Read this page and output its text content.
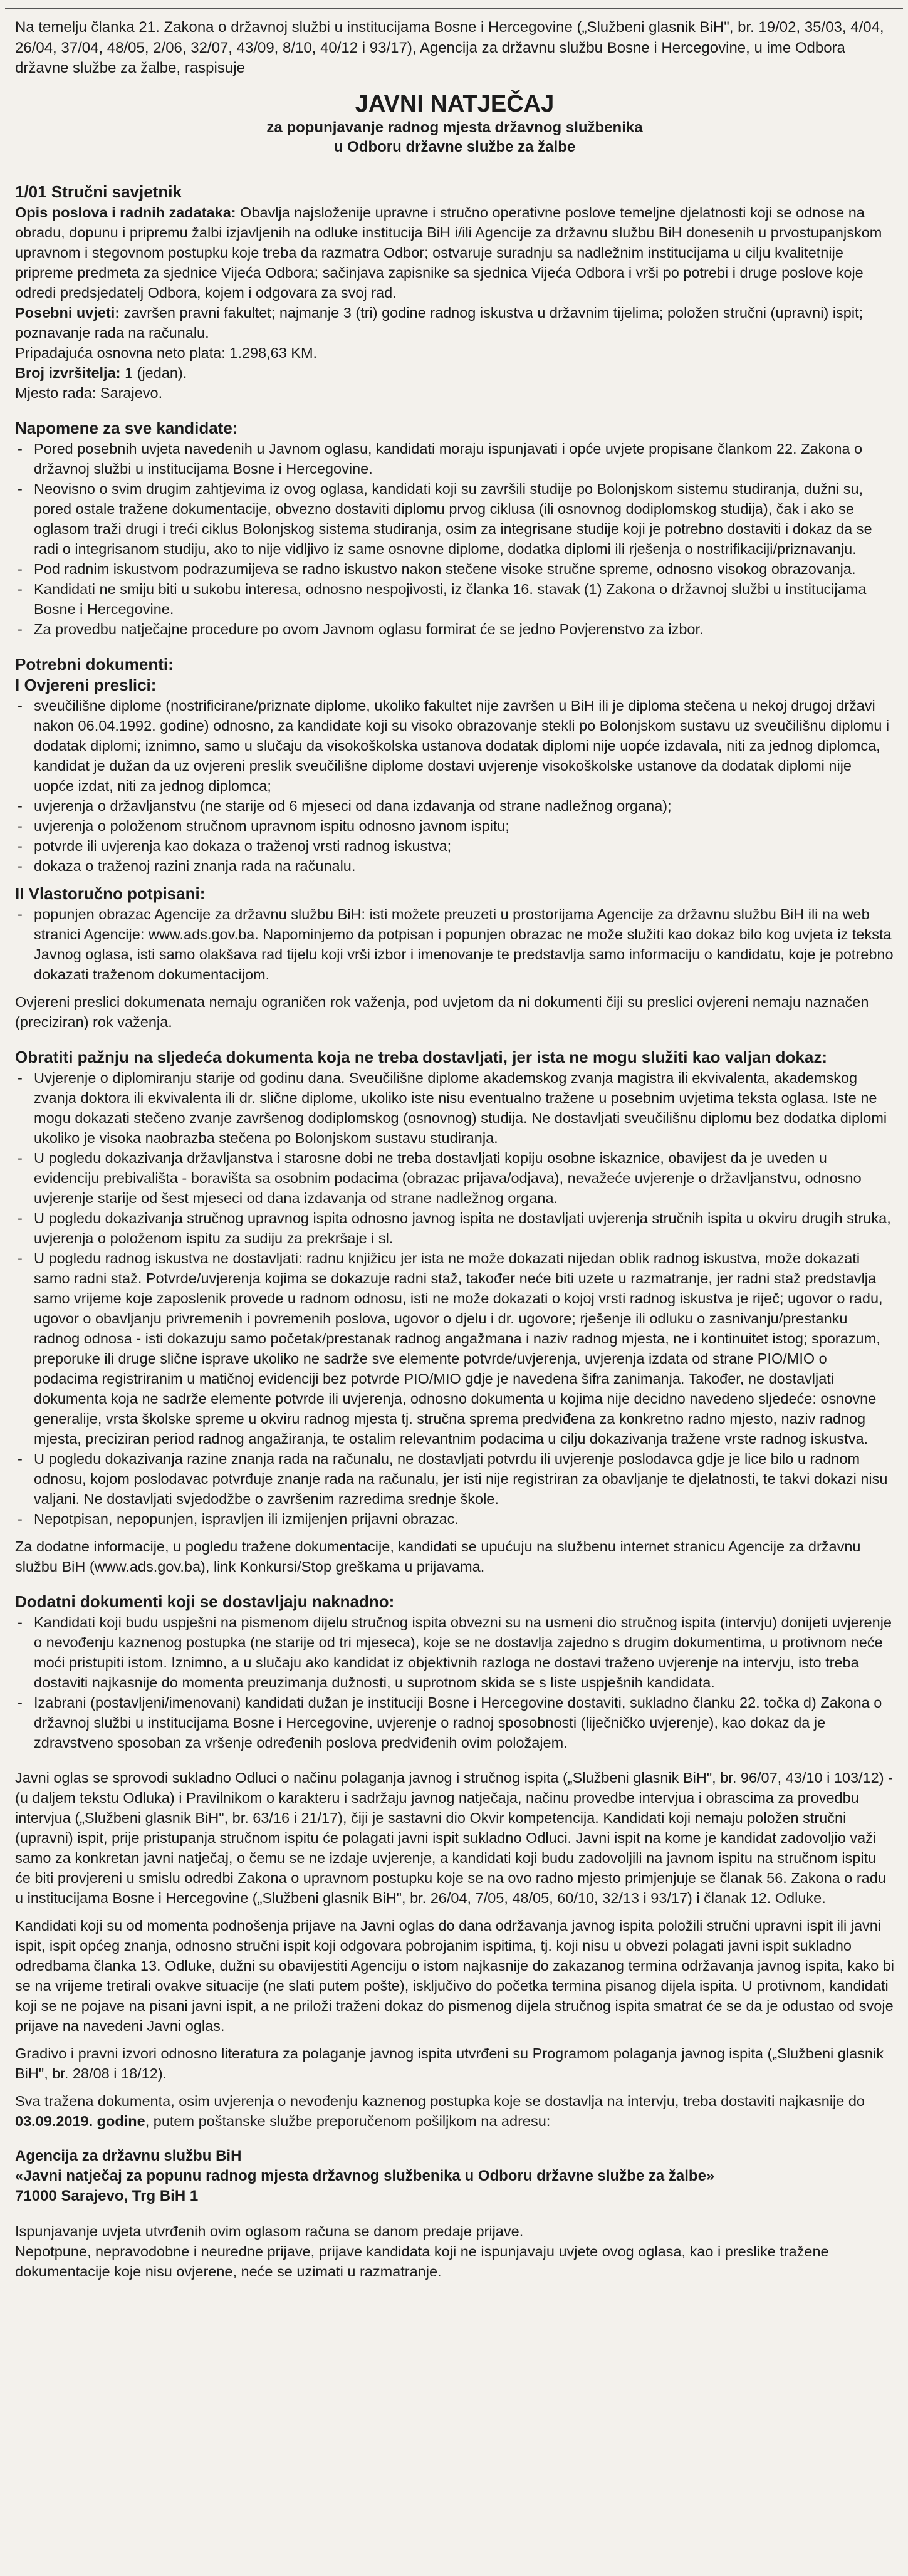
Na temelju članka 21. Zakona o državnoj službi u institucijama Bosne i Hercegovine („Službeni glasnik BiH", br. 19/02, 35/03, 4/04, 26/04, 37/04, 48/05, 2/06, 32/07, 43/09, 8/10, 40/12 i 93/17), Agencija za državnu službu Bosne i Hercegovine, u ime Odbora državne službe za žalbe, raspisuje

JAVNI NATJEČAJ

za popunjavanje radnog mjesta državnog službenika

u Odboru državne službe za žalbe

1/01 Stručni savjetnik

Opis poslova i radnih zadataka: Obavlja najsloženije upravne i stručno operativne poslove temeljne djelatnosti koji se odnose na obradu, dopunu i pripremu žalbi izjavljenih na odluke institucija BiH i/ili Agencije za državnu službu BiH donesenih u prvostupanjskom upravnom i stegovnom postupku koje treba da razmatra Odbor; ostvaruje suradnju sa nadležnim institucijama u cilju kvalitetnije pripreme predmeta za sjednice Vijeća Odbora; sačinjava zapisnike sa sjednica Vijeća Odbora i vrši po potrebi i druge poslove koje odredi predsjedatelj Odbora, kojem i odgovara za svoj rad.

Posebni uvjeti: završen pravni fakultet; najmanje 3 (tri) godine radnog iskustva u državnim tijelima; položen stručni (upravni) ispit; poznavanje rada na računalu.

Pripadajuća osnovna neto plata: 1.298,63 KM.

Broj izvršitelja: 1 (jedan).

Mjesto rada: Sarajevo.

Napomene za sve kandidate:

- Pored posebnih uvjeta navedenih u Javnom oglasu, kandidati moraju ispunjavati i opće uvjete propisane člankom 22. Zakona o državnoj službi u institucijama Bosne i Hercegovine.
- Neovisno o svim drugim zahtjevima iz ovog oglasa, kandidati koji su završili studije po Bolonjskom sistemu studiranja, dužni su, pored ostale tražene dokumentacije, obvezno dostaviti diplomu prvog ciklusa (ili osnovnog dodiplomskog studija), čak i ako se oglasom traži drugi i treći ciklus Bolonjskog sistema studiranja, osim za integrisane studije koji je potrebno dostaviti i dokaz da se radi o integrisanom studiju, ako to nije vidljivo iz same osnovne diplome, dodatka diplomi ili rješenja o nostrifikaciji/priznavanju.
- Pod radnim iskustvom podrazumijeva se radno iskustvo nakon stečene visoke stručne spreme, odnosno visokog obrazovanja.
- Kandidati ne smiju biti u sukobu interesa, odnosno nespojivosti, iz članka 16. stavak (1) Zakona o državnoj službi u institucijama Bosne i Hercegovine.
- Za provedbu natječajne procedure po ovom Javnom oglasu formirat će se jedno Povjerenstvo za izbor.

Potrebni dokumenti:

I Ovjereni preslici:

- sveučilišne diplome (nostrificirane/priznate diplome, ukoliko fakultet nije završen u BiH ili je diploma stečena u nekoj drugoj državi nakon 06.04.1992. godine) odnosno, za kandidate koji su visoko obrazovanje stekli po Bolonjskom sustavu uz sveučilišnu diplomu i dodatak diplomi; iznimno, samo u slučaju da visokoškolska ustanova dodatak diplomi nije uopće izdavala, niti za jednog diplomca, kandidat je dužan da uz ovjereni preslik sveučilišne diplome dostavi uvjerenje visokoškolske ustanove da dodatak diplomi nije uopće izdat, niti za jednog diplomca;
- uvjerenja o državljanstvu (ne starije od 6 mjeseci od dana izdavanja od strane nadležnog organa);
- uvjerenja o položenom stručnom upravnom ispitu odnosno javnom ispitu;
- potvrde ili uvjerenja kao dokaza o traženoj vrsti radnog iskustva;
- dokaza o traženoj razini znanja rada na računalu.

II Vlastoručno potpisani:

- popunjen obrazac Agencije za državnu službu BiH: isti možete preuzeti u prostorijama Agencije za državnu službu BiH ili na web stranici Agencije: www.ads.gov.ba. Napominjemo da potpisan i popunjen obrazac ne može služiti kao dokaz bilo kog uvjeta iz teksta Javnog oglasa, isti samo olakšava rad tijelu koji vrši izbor i imenovanje te predstavlja samo informaciju o kandidatu, koje je potrebno dokazati traženom dokumentacijom.

Ovjereni preslici dokumenata nemaju ograničen rok važenja, pod uvjetom da ni dokumenti čiji su preslici ovjereni nemaju naznačen (preciziran) rok važenja.

Obratiti pažnju na sljedeća dokumenta koja ne treba dostavljati, jer ista ne mogu služiti kao valjan dokaz:

- Uvjerenje o diplomiranju starije od godinu dana. Sveučilišne diplome akademskog zvanja magistra ili ekvivalenta, akademskog zvanja doktora ili ekvivalenta ili dr. slične diplome, ukoliko iste nisu eventualno tražene u posebnim uvjetima teksta oglasa. Iste ne mogu dokazati stečeno zvanje završenog dodiplomskog (osnovnog) studija. Ne dostavljati sveučilišnu diplomu bez dodatka diplomi ukoliko je visoka naobrazba stečena po Bolonjskom sustavu studiranja.
- U pogledu dokazivanja državljanstva i starosne dobi ne treba dostavljati kopiju osobne iskaznice, obavijest da je uveden u evidenciju prebivališta - boravišta sa osobnim podacima (obrazac prijava/odjava), nevažeće uvjerenje o državljanstvu, odnosno uvjerenje starije od šest mjeseci od dana izdavanja od strane nadležnog organa.
- U pogledu dokazivanja stručnog upravnog ispita odnosno javnog ispita ne dostavljati uvjerenja stručnih ispita u okviru drugih struka, uvjerenja o položenom ispitu za sudiju za prekršaje i sl.
- U pogledu radnog iskustva ne dostavljati: radnu knjižicu jer ista ne može dokazati nijedan oblik radnog iskustva, može dokazati samo radni staž. Potvrde/uvjerenja kojima se dokazuje radni staž, također neće biti uzete u razmatranje, jer radni staž predstavlja samo vrijeme koje zaposlenik provede u radnom odnosu, isti ne može dokazati o kojoj vrsti radnog iskustva je riječ; ugovor o radu, ugovor o obavljanju privremenih i povremenih poslova, ugovor o djelu i dr. ugovore; rješenje ili odluku o zasnivanju/prestanku radnog odnosa - isti dokazuju samo početak/prestanak radnog angažmana i naziv radnog mjesta, ne i kontinuitet istog; sporazum, preporuke ili druge slične isprave ukoliko ne sadrže sve elemente potvrde/uvjerenja, uvjerenja izdata od strane PIO/MIO o podacima registriranim u matičnoj evidenciji bez potvrde PIO/MIO gdje je navedena šifra zanimanja. Također, ne dostavljati dokumenta koja ne sadrže elemente potvrde ili uvjerenja, odnosno dokumenta u kojima nije decidno navedeno sljedeće: osnovne generalije, vrsta školske spreme u okviru radnog mjesta tj. stručna sprema predviđena za konkretno radno mjesto, naziv radnog mjesta, preciziran period radnog angažiranja, te ostalim relevantnim podacima u cilju dokazivanja tražene vrste radnog iskustva.
- U pogledu dokazivanja razine znanja rada na računalu, ne dostavljati potvrdu ili uvjerenje poslodavca gdje je lice bilo u radnom odnosu, kojom poslodavac potvrđuje znanje rada na računalu, jer isti nije registriran za obavljanje te djelatnosti, te takvi dokazi nisu valjani. Ne dostavljati svjedodžbe o završenim razredima srednje škole.
- Nepotpisan, nepopunjen, ispravljen ili izmijenjen prijavni obrazac.

Za dodatne informacije, u pogledu tražene dokumentacije, kandidati se upućuju na službenu internet stranicu Agencije za državnu službu BiH (www.ads.gov.ba), link Konkursi/Stop greškama u prijavama.

Dodatni dokumenti koji se dostavljaju naknadno:

- Kandidati koji budu uspješni na pismenom dijelu stručnog ispita obvezni su na usmeni dio stručnog ispita (intervju) donijeti uvjerenje o nevođenju kaznenog postupka (ne starije od tri mjeseca), koje se ne dostavlja zajedno s drugim dokumentima, u protivnom neće moći pristupiti istom. Iznimno, a u slučaju ako kandidat iz objektivnih razloga ne dostavi traženo uvjerenje na intervju, isto treba dostaviti najkasnije do momenta preuzimanja dužnosti, u suprotnom skida se s liste uspješnih kandidata.
- Izabrani (postavljeni/imenovani) kandidati dužan je instituciji Bosne i Hercegovine dostaviti, sukladno članku 22. točka d) Zakona o državnoj službi u institucijama Bosne i Hercegovine, uvjerenje o radnoj sposobnosti (liječničko uvjerenje), kao dokaz da je zdravstveno sposoban za vršenje određenih poslova predviđenih ovim položajem.

Javni oglas se sprovodi sukladno Odluci o načinu polaganja javnog i stručnog ispita („Službeni glasnik BiH", br. 96/07, 43/10 i 103/12) - (u daljem tekstu Odluka) i Pravilnikom o karakteru i sadržaju javnog natječaja, načinu provedbe intervjua i obrascima za provedbu intervjua („Službeni glasnik BiH", br. 63/16 i 21/17), čiji je sastavni dio Okvir kompetencija. Kandidati koji nemaju položen stručni (upravni) ispit, prije pristupanja stručnom ispitu će polagati javni ispit sukladno Odluci. Javni ispit na kome je kandidat zadovoljio važi samo za konkretan javni natječaj, o čemu se ne izdaje uvjerenje, a kandidati koji budu zadovoljili na javnom ispitu na stručnom ispitu će biti provjereni u smislu odredbi Zakona o upravnom postupku koje se na ovo radno mjesto primjenjuje se članak 56. Zakona o radu u institucijama Bosne i Hercegovine („Službeni glasnik BiH", br. 26/04, 7/05, 48/05, 60/10, 32/13 i 93/17) i članak 12. Odluke.

Kandidati koji su od momenta podnošenja prijave na Javni oglas do dana održavanja javnog ispita položili stručni upravni ispit ili javni ispit, ispit općeg znanja, odnosno stručni ispit koji odgovara pobrojanim ispitima, tj. koji nisu u obvezi polagati javni ispit sukladno odredbama članka 13. Odluke, dužni su obavijestiti Agenciju o istom najkasnije do zakazanog termina održavanja javnog ispita, kako bi se na vrijeme tretirali ovakve situacije (ne slati putem pošte), isključivo do početka termina pisanog dijela ispita. U protivnom, kandidati koji se ne pojave na pisani javni ispit, a ne priloži traženi dokaz do pismenog dijela stručnog ispita smatrat će se da je odustao od svoje prijave na navedeni Javni oglas.

Gradivo i pravni izvori odnosno literatura za polaganje javnog ispita utvrđeni su Programom polaganja javnog ispita („Službeni glasnik BiH", br. 28/08 i 18/12).

Sva tražena dokumenta, osim uvjerenja o nevođenju kaznenog postupka koje se dostavlja na intervju, treba dostaviti najkasnije do 03.09.2019. godine, putem poštanske službe preporučenom pošiljkom na adresu:

Agencija za državnu službu BiH

«Javni natječaj za popunu radnog mjesta državnog službenika u Odboru državne službe za žalbe»

71000 Sarajevo, Trg BiH 1

Ispunjavanje uvjeta utvrđenih ovim oglasom računa se danom predaje prijave.

Nepotpune, nepravodobne i neuredne prijave, prijave kandidata koji ne ispunjavaju uvjete ovog oglasa, kao i preslike tražene dokumentacije koje nisu ovjerene, neće se uzimati u razmatranje.
